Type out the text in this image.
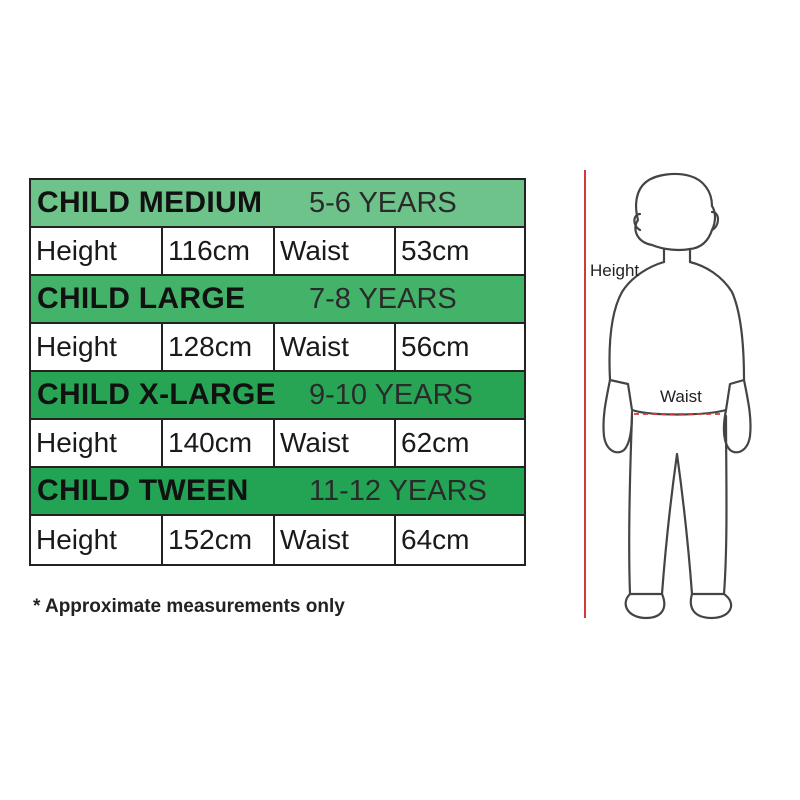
CHILD MEDIUM	5-6 YEARS
Height	116cm	Waist	53cm
CHILD LARGE	7-8 YEARS
Height	128cm Waist	56cm
CHILD X-LARGE	9-10 YEARS
Height	140cm Waist	62cm
CHILD TWEEN	11-12 YEARS
Height	152cm Waist	64cm
* Approximate measurements only
Height
Waist
